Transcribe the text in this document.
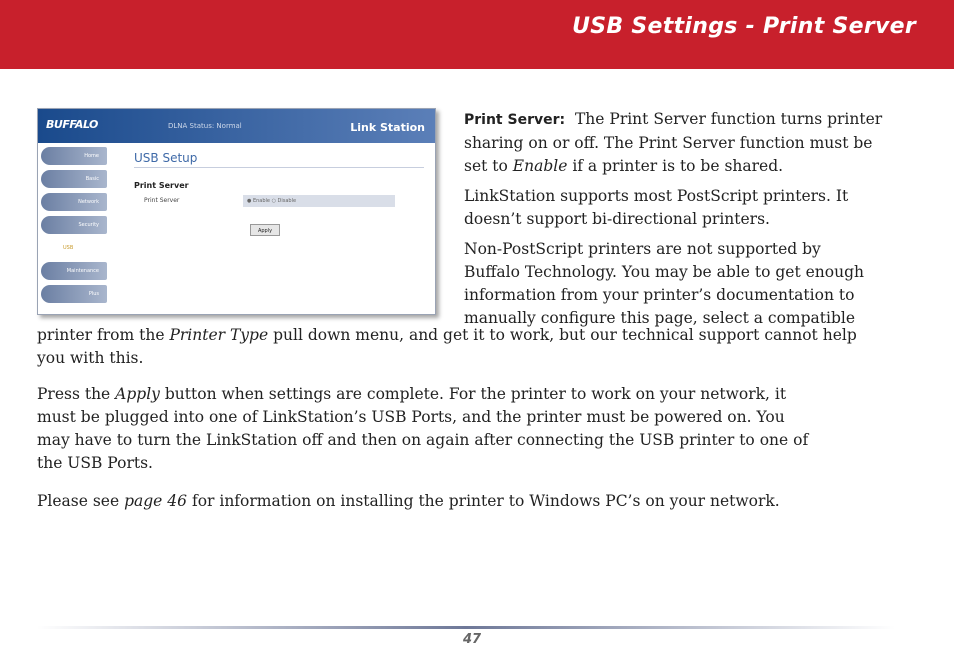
USB Settings - Print Server
BUFFALO	DLNA Status: Normal	Link Station
Home
Basic
Network
Security
USB
Maintenance
Plus
USB Setup
Print Server
Print Server	● Enable ○ Disable
Apply
Print Server: The Print Server function turns printer
sharing on or off. The Print Server function must be
set to Enable if a printer is to be shared.
LinkStation supports most PostScript printers. It
doesn’t support bi-directional printers.
Non-PostScript printers are not supported by
Buffalo Technology. You may be able to get enough
information from your printer’s documentation to
manually configure this page, select a compatible
printer from the Printer Type pull down menu, and get it to work, but our technical support cannot help
you with this.
Press the Apply button when settings are complete. For the printer to work on your network, it
must be plugged into one of LinkStation’s USB Ports, and the printer must be powered on. You
may have to turn the LinkStation off and then on again after connecting the USB printer to one of
the USB Ports.
Please see page 46 for information on installing the printer to Windows PC’s on your network.
47
